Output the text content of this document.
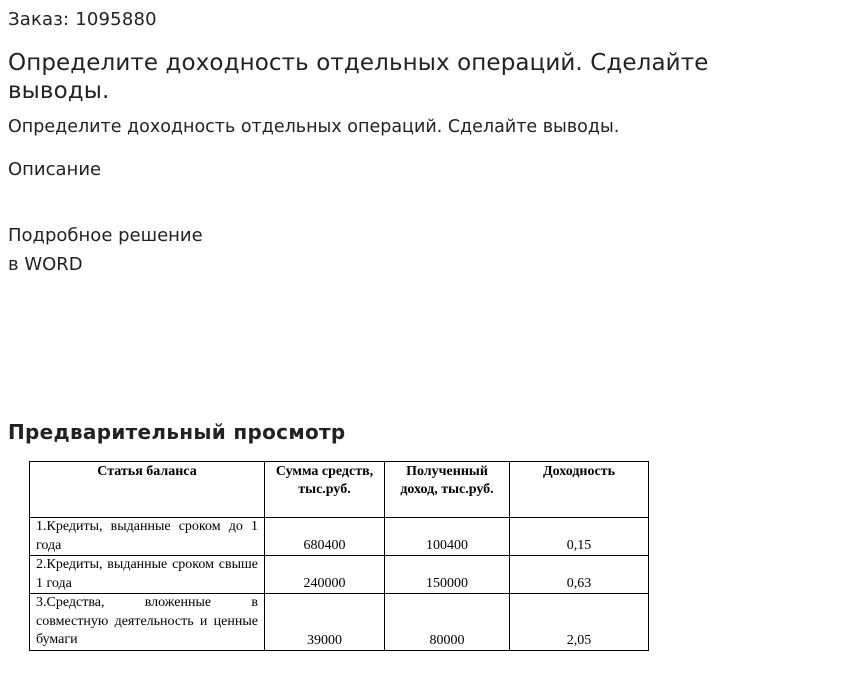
Заказ: 1095880
Определите доходность отдельных операций. Сделайте выводы.
Определите доходность отдельных операций. Сделайте выводы.
Описание
Подробное решение
в WORD
Предварительный просмотр
Статья баланса	Сумма средств, тыс.руб.	Полученный доход, тыс.руб.	Доходность
1.Кредиты, выданные сроком до 1 года	680400	100400	0,15
2.Кредиты, выданные сроком свыше 1 года	240000	150000	0,63
3.Средства, вложенные в совместную деятельность и ценные бумаги	39000	80000	2,05
